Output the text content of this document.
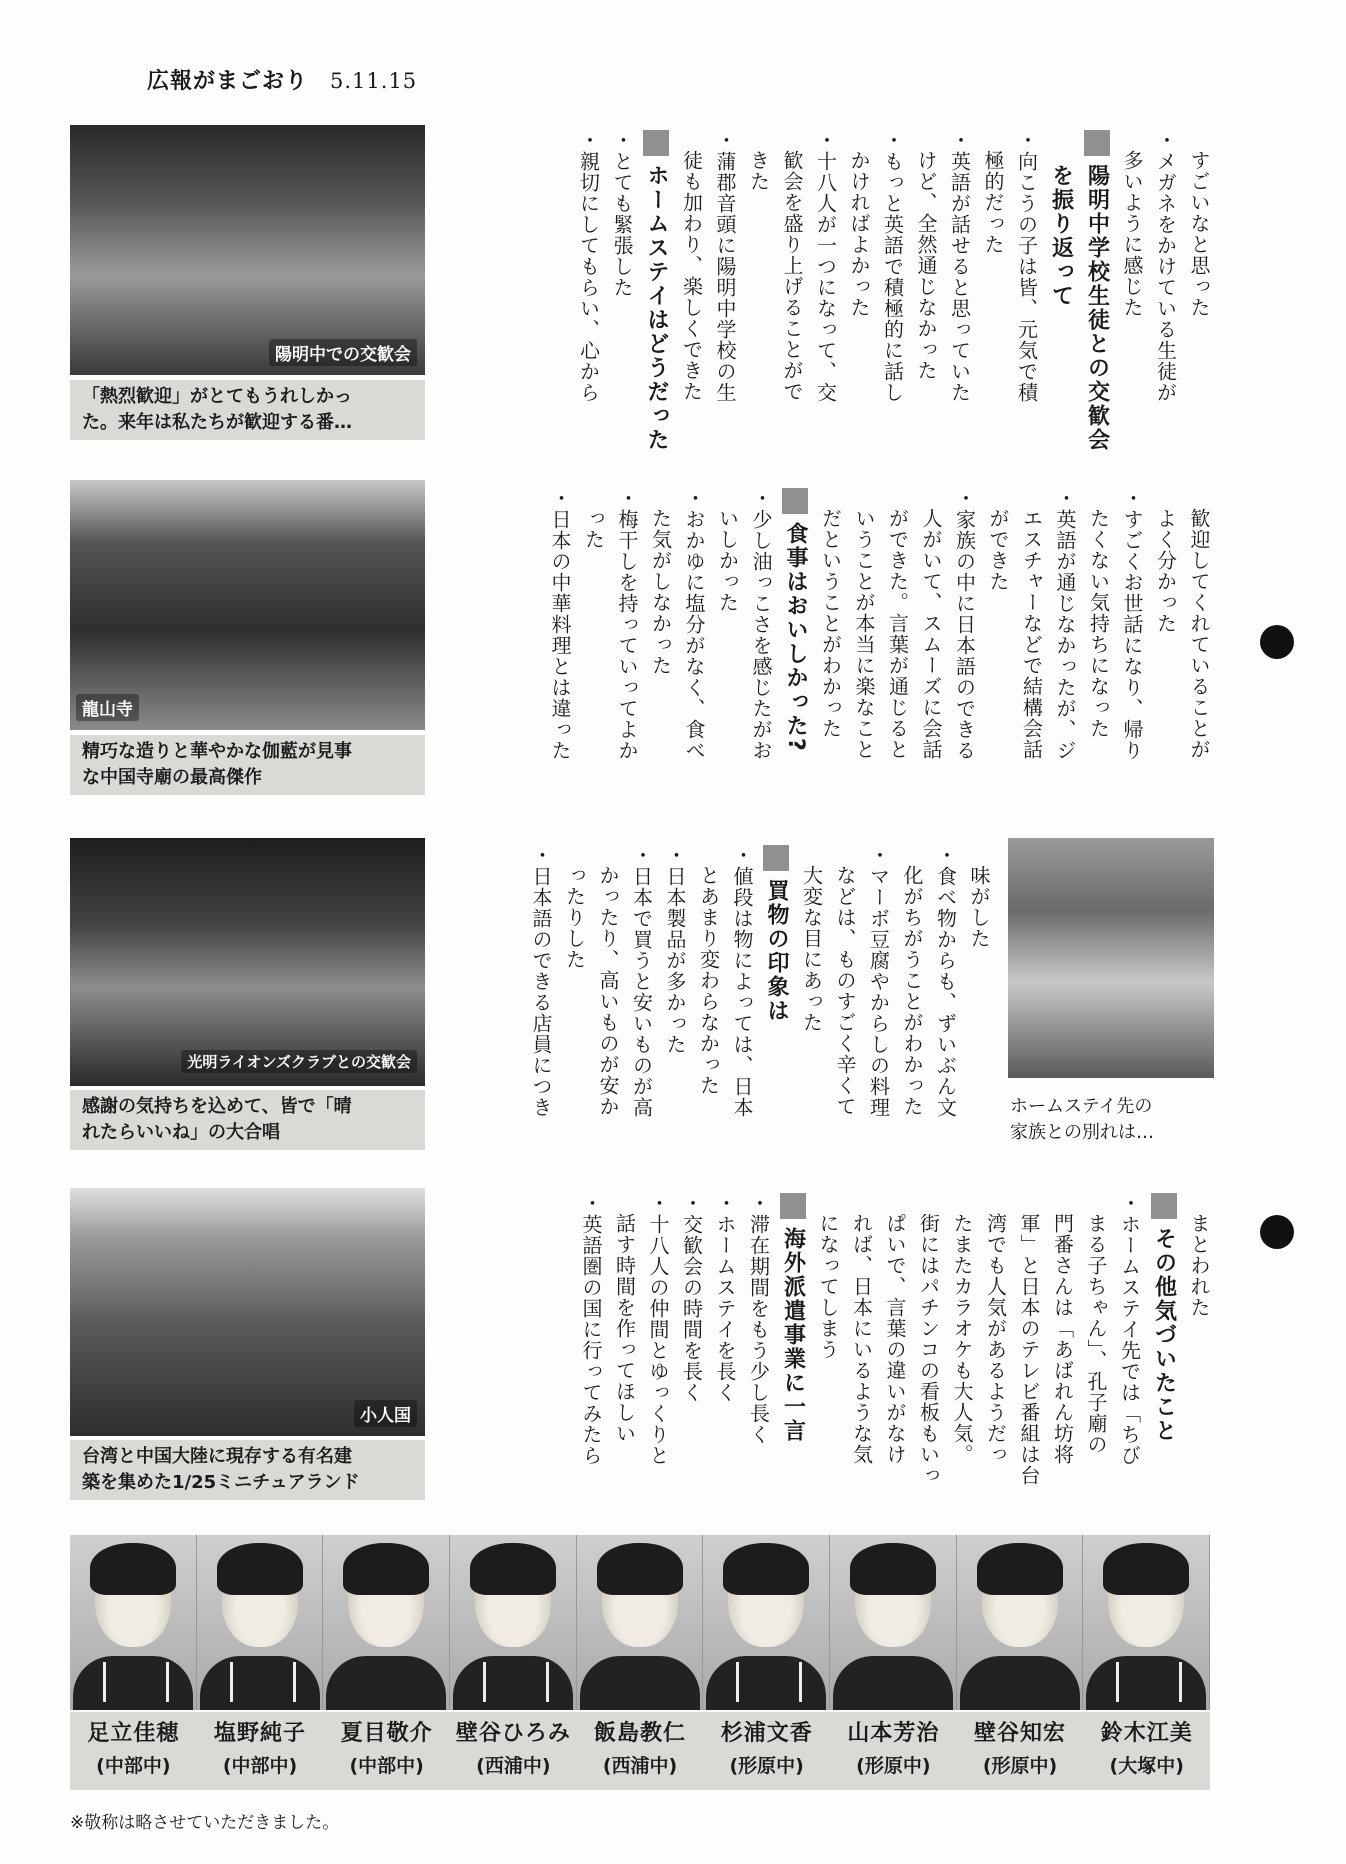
広報がまごおり 5.11.15
陽明中での交歓会
「熱烈歓迎」がとてもうれしかっ
た。来年は私たちが歓迎する番…
龍山寺
精巧な造りと華やかな伽藍が見事
な中国寺廟の最高傑作
光明ライオンズクラブとの交歓会
感謝の気持ちを込めて、皆で「晴
れたらいいね」の大合唱
小人国
台湾と中国大陸に現存する有名建
築を集めた1/25ミニチュアランド
ホームステイ先の
家族との別れは…

すごいなと思った

・メガネをかけている生徒が

多いように感じた

陽明中学校生徒との交歓会
を振り返って

・向こうの子は皆、元気で積

極的だった

・英語が話せると思っていた

けど、全然通じなかった

・もっと英語で積極的に話し

かければよかった

・十八人が一つになって、交

歓会を盛り上げることがで

きた

・蒲郡音頭に陽明中学校の生

徒も加わり、楽しくできた

ホームステイはどうだった

・とても緊張した

・親切にしてもらい、心から

歓迎してくれていることが

よく分かった

・すごくお世話になり、帰り

たくない気持ちになった

・英語が通じなかったが、ジ

エスチャーなどで結構会話

ができた

・家族の中に日本語のできる

人がいて、スムーズに会話

ができた。言葉が通じると

いうことが本当に楽なこと

だということがわかった

食事はおいしかった?

・少し油っこさを感じたがお

いしかった

・おかゆに塩分がなく、食べ

た気がしなかった

・梅干しを持っていってよか

った

・日本の中華料理とは違った

味がした

・食べ物からも、ずいぶん文

化がちがうことがわかった

・マーボ豆腐やからしの料理

などは、ものすごく辛くて

大変な目にあった

買物の印象は

・値段は物によっては、日本

とあまり変わらなかった

・日本製品が多かった

・日本で買うと安いものが高

かったり、高いものが安か

ったりした

・日本語のできる店員につき

まとわれた

その他気づいたこと

・ホームステイ先では「ちび

まる子ちゃん」、孔子廟の

門番さんは「あばれん坊将

軍」と日本のテレビ番組は台

湾でも人気があるようだっ

たまたカラオケも大人気。

街にはパチンコの看板もいっ

ぱいで、言葉の違いがなけ

れば、日本にいるような気

になってしまう

海外派遣事業に一言

・滞在期間をもう少し長く

・ホームステイを長く

・交歓会の時間を長く

・十八人の仲間とゆっくりと

話す時間を作ってほしい

・英語圏の国に行ってみたら

足立佳穂
(中部中)
塩野純子
(中部中)
夏目敬介
(中部中)
壁谷ひろみ
(西浦中)
飯島教仁
(西浦中)
杉浦文香
(形原中)
山本芳治
(形原中)
壁谷知宏
(形原中)
鈴木江美
(大塚中)
※敬称は略させていただきました。
